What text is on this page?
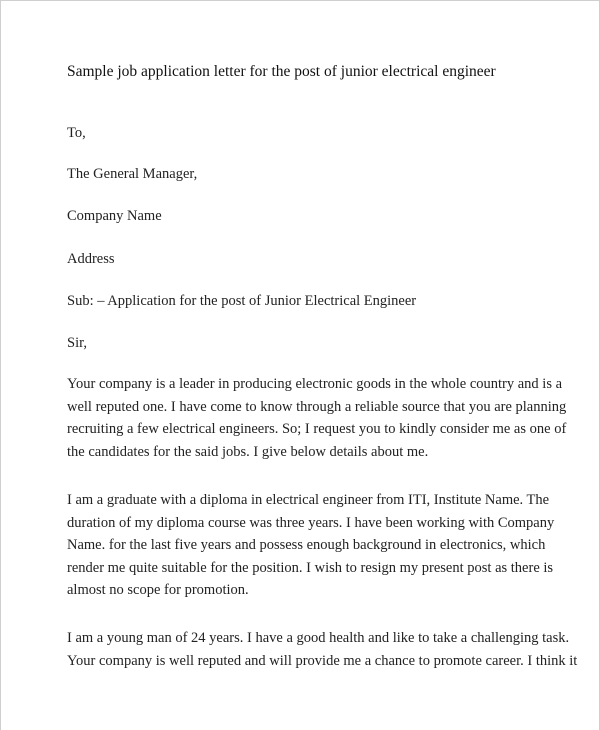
Sample job application letter for the post of junior electrical engineer

To,

The General Manager,

Company Name

Address

Sub: – Application for the post of Junior Electrical Engineer

Sir,

Your company is a leader in producing electronic goods in the whole country and is a
well reputed one. I have come to know through a reliable source that you are planning
recruiting a few electrical engineers. So; I request you to kindly consider me as one of
the candidates for the said jobs. I give below details about me.
I am a graduate with a diploma in electrical engineer from ITI, Institute Name. The
duration of my diploma course was three years. I have been working with Company
Name. for the last five years and possess enough background in electronics, which
render me quite suitable for the position. I wish to resign my present post as there is
almost no scope for promotion.
I am a young man of 24 years. I have a good health and like to take a challenging task.
Your company is well reputed and will provide me a chance to promote career. I think it
